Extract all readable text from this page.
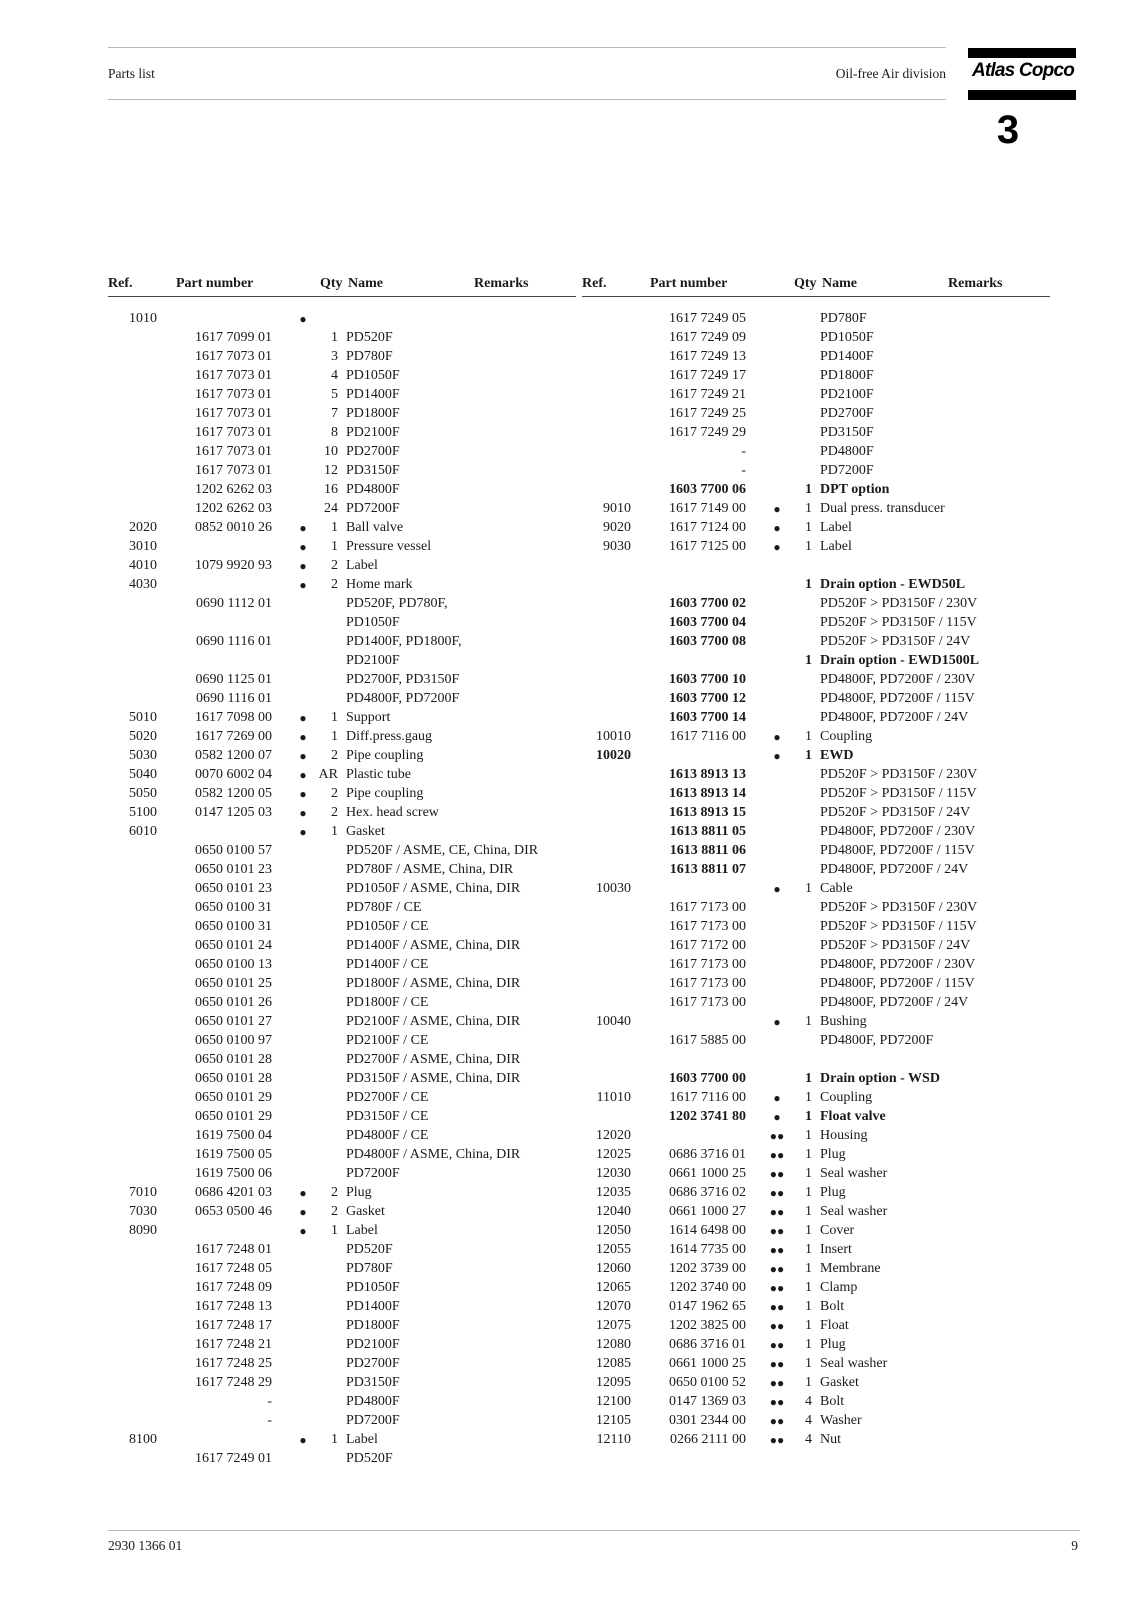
Parts list	Oil-free Air division Atlas Copco
3
Ref.	Part number	Qty Name	Remarks
1010	●
1617 7099 01	1 PD520F
1617 7073 01	3 PD780F
1617 7073 01	4 PD1050F
1617 7073 01	5 PD1400F
1617 7073 01	7 PD1800F
1617 7073 01	8 PD2100F
1617 7073 01	10 PD2700F
1617 7073 01	12 PD3150F
1202 6262 03	16 PD4800F
1202 6262 03	24 PD7200F
2020	0852 0010 26	●	1 Ball valve
3010	●	1 Pressure vessel
4010	1079 9920 93	●	2 Label
4030	●	2 Home mark
0690 1112 01	PD520F, PD780F,
PD1050F
0690 1116 01	PD1400F, PD1800F,
PD2100F
0690 1125 01	PD2700F, PD3150F
0690 1116 01	PD4800F, PD7200F
5010	1617 7098 00	●	1 Support
5020	1617 7269 00	●	1 Diff.press.gaug
5030	0582 1200 07	●	2 Pipe coupling
5040	0070 6002 04	● AR Plastic tube
5050	0582 1200 05	●	2 Pipe coupling
5100	0147 1205 03	●	2 Hex. head screw
6010	●	1 Gasket
0650 0100 57	PD520F / ASME, CE, China, DIR
0650 0101 23	PD780F / ASME, China, DIR
0650 0101 23	PD1050F / ASME, China, DIR
0650 0100 31	PD780F / CE
0650 0100 31	PD1050F / CE
0650 0101 24	PD1400F / ASME, China, DIR
0650 0100 13	PD1400F / CE
0650 0101 25	PD1800F / ASME, China, DIR
0650 0101 26	PD1800F / CE
0650 0101 27	PD2100F / ASME, China, DIR
0650 0100 97	PD2100F / CE
0650 0101 28	PD2700F / ASME, China, DIR
0650 0101 28	PD3150F / ASME, China, DIR
0650 0101 29	PD2700F / CE
0650 0101 29	PD3150F / CE
1619 7500 04	PD4800F / CE
1619 7500 05	PD4800F / ASME, China, DIR
1619 7500 06	PD7200F
7010	0686 4201 03	●	2 Plug
7030	0653 0500 46	●	2 Gasket
8090	●	1 Label
1617 7248 01	PD520F
1617 7248 05	PD780F
1617 7248 09	PD1050F
1617 7248 13	PD1400F
1617 7248 17	PD1800F
1617 7248 21	PD2100F
1617 7248 25	PD2700F
1617 7248 29	PD3150F
-	PD4800F
-	PD7200F
8100	●	1 Label
1617 7249 01	PD520F
Ref.	Part number	Qty Name	Remarks
1617 7249 05	PD780F
1617 7249 09	PD1050F
1617 7249 13	PD1400F
1617 7249 17	PD1800F
1617 7249 21	PD2100F
1617 7249 25	PD2700F
1617 7249 29	PD3150F
-	PD4800F
-	PD7200F
1603 7700 06	1 DPT option
9010	1617 7149 00	●	1 Dual press. transducer
9020	1617 7124 00	●	1 Label
9030	1617 7125 00	●	1 Label
1 Drain option - EWD50L
1603 7700 02	PD520F > PD3150F / 230V
1603 7700 04	PD520F > PD3150F / 115V
1603 7700 08	PD520F > PD3150F / 24V
1 Drain option - EWD1500L
1603 7700 10	PD4800F, PD7200F / 230V
1603 7700 12	PD4800F, PD7200F / 115V
1603 7700 14	PD4800F, PD7200F / 24V
10010	1617 7116 00	●	1 Coupling
10020	●	1 EWD
1613 8913 13	PD520F > PD3150F / 230V
1613 8913 14	PD520F > PD3150F / 115V
1613 8913 15	PD520F > PD3150F / 24V
1613 8811 05	PD4800F, PD7200F / 230V
1613 8811 06	PD4800F, PD7200F / 115V
1613 8811 07	PD4800F, PD7200F / 24V
10030	●	1 Cable
1617 7173 00	PD520F > PD3150F / 230V
1617 7173 00	PD520F > PD3150F / 115V
1617 7172 00	PD520F > PD3150F / 24V
1617 7173 00	PD4800F, PD7200F / 230V
1617 7173 00	PD4800F, PD7200F / 115V
1617 7173 00	PD4800F, PD7200F / 24V
10040	●	1 Bushing
1617 5885 00	PD4800F, PD7200F
1603 7700 00	1 Drain option - WSD
11010	1617 7116 00	●	1 Coupling
1202 3741 80	●	1 Float valve
12020	●●	1 Housing
12025	0686 3716 01	●●	1 Plug
12030	0661 1000 25	●●	1 Seal washer
12035	0686 3716 02	●●	1 Plug
12040	0661 1000 27	●●	1 Seal washer
12050	1614 6498 00	●●	1 Cover
12055	1614 7735 00	●●	1 Insert
12060	1202 3739 00	●●	1 Membrane
12065	1202 3740 00	●●	1 Clamp
12070	0147 1962 65	●●	1 Bolt
12075	1202 3825 00	●●	1 Float
12080	0686 3716 01	●●	1 Plug
12085	0661 1000 25	●●	1 Seal washer
12095	0650 0100 52	●●	1 Gasket
12100	0147 1369 03	●●	4 Bolt
12105	0301 2344 00	●●	4 Washer
12110	0266 2111 00	●●	4 Nut
2930 1366 01	9
